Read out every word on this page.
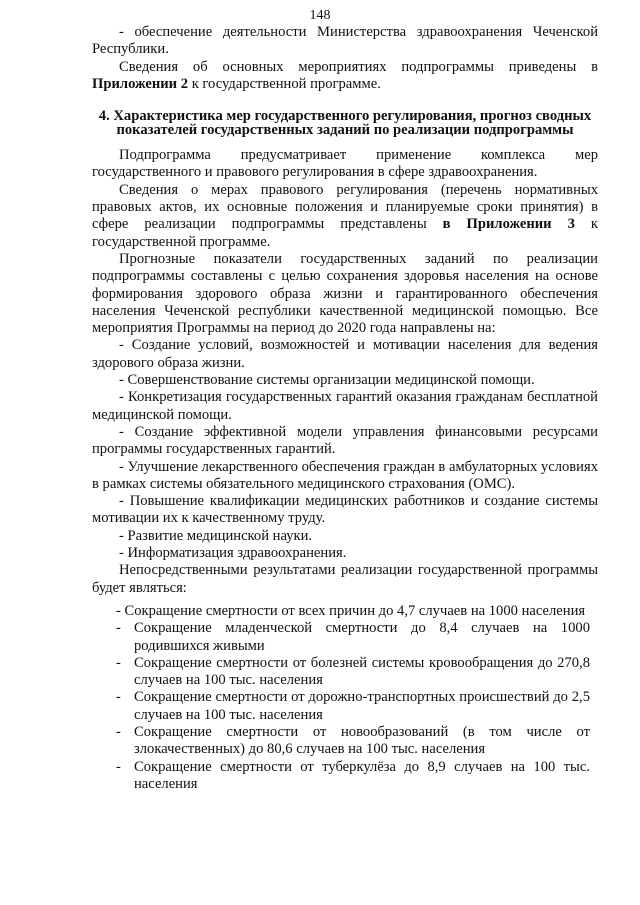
148

- обеспечение деятельности Министерства здравоохранения Чеченской Республики.

Сведения об основных мероприятиях подпрограммы приведены в Приложении 2 к государственной программе.

4. Характеристика мер государственного регулирования, прогноз сводных показателей государственных заданий по реализации подпрограммы

Подпрограмма предусматривает применение комплекса мер государственного и правового регулирования в сфере здравоохранения.

Сведения о мерах правового регулирования (перечень нормативных правовых актов, их основные положения и планируемые сроки принятия) в сфере реализации подпрограммы представлены в Приложении 3 к государственной программе.

Прогнозные показатели государственных заданий по реализации подпрограммы составлены с целью сохранения здоровья населения на основе формирования здорового образа жизни и гарантированного обеспечения населения Чеченской республики качественной медицинской помощью. Все мероприятия Программы на период до 2020 года направлены на:

- Создание условий, возможностей и мотивации населения для ведения здорового образа жизни.

- Совершенствование системы организации медицинской помощи.

- Конкретизация государственных гарантий оказания гражданам бесплатной медицинской помощи.

- Создание эффективной модели управления финансовыми ресурсами программы государственных гарантий.

- Улучшение лекарственного обеспечения граждан в амбулаторных условиях в рамках системы обязательного медицинского страхования (ОМС).

- Повышение квалификации медицинских работников и создание системы мотивации их к качественному труду.

- Развитие медицинской науки.

- Информатизация здравоохранения.

Непосредственными результатами реализации государственной программы будет являться:

- Сокращение смертности от всех причин до 4,7 случаев на 1000 населения

- Сокращение младенческой смертности до 8,4 случаев на 1000 родившихся живыми
- Сокращение смертности от болезней системы кровообращения до 270,8 случаев на 100 тыс. населения
- Сокращение смертности от дорожно-транспортных происшествий до 2,5 случаев на 100 тыс. населения
- Сокращение смертности от новообразований (в том числе от злокачественных) до 80,6 случаев на 100 тыс. населения
- Сокращение смертности от туберкулёза до 8,9 случаев на 100 тыс. населения
